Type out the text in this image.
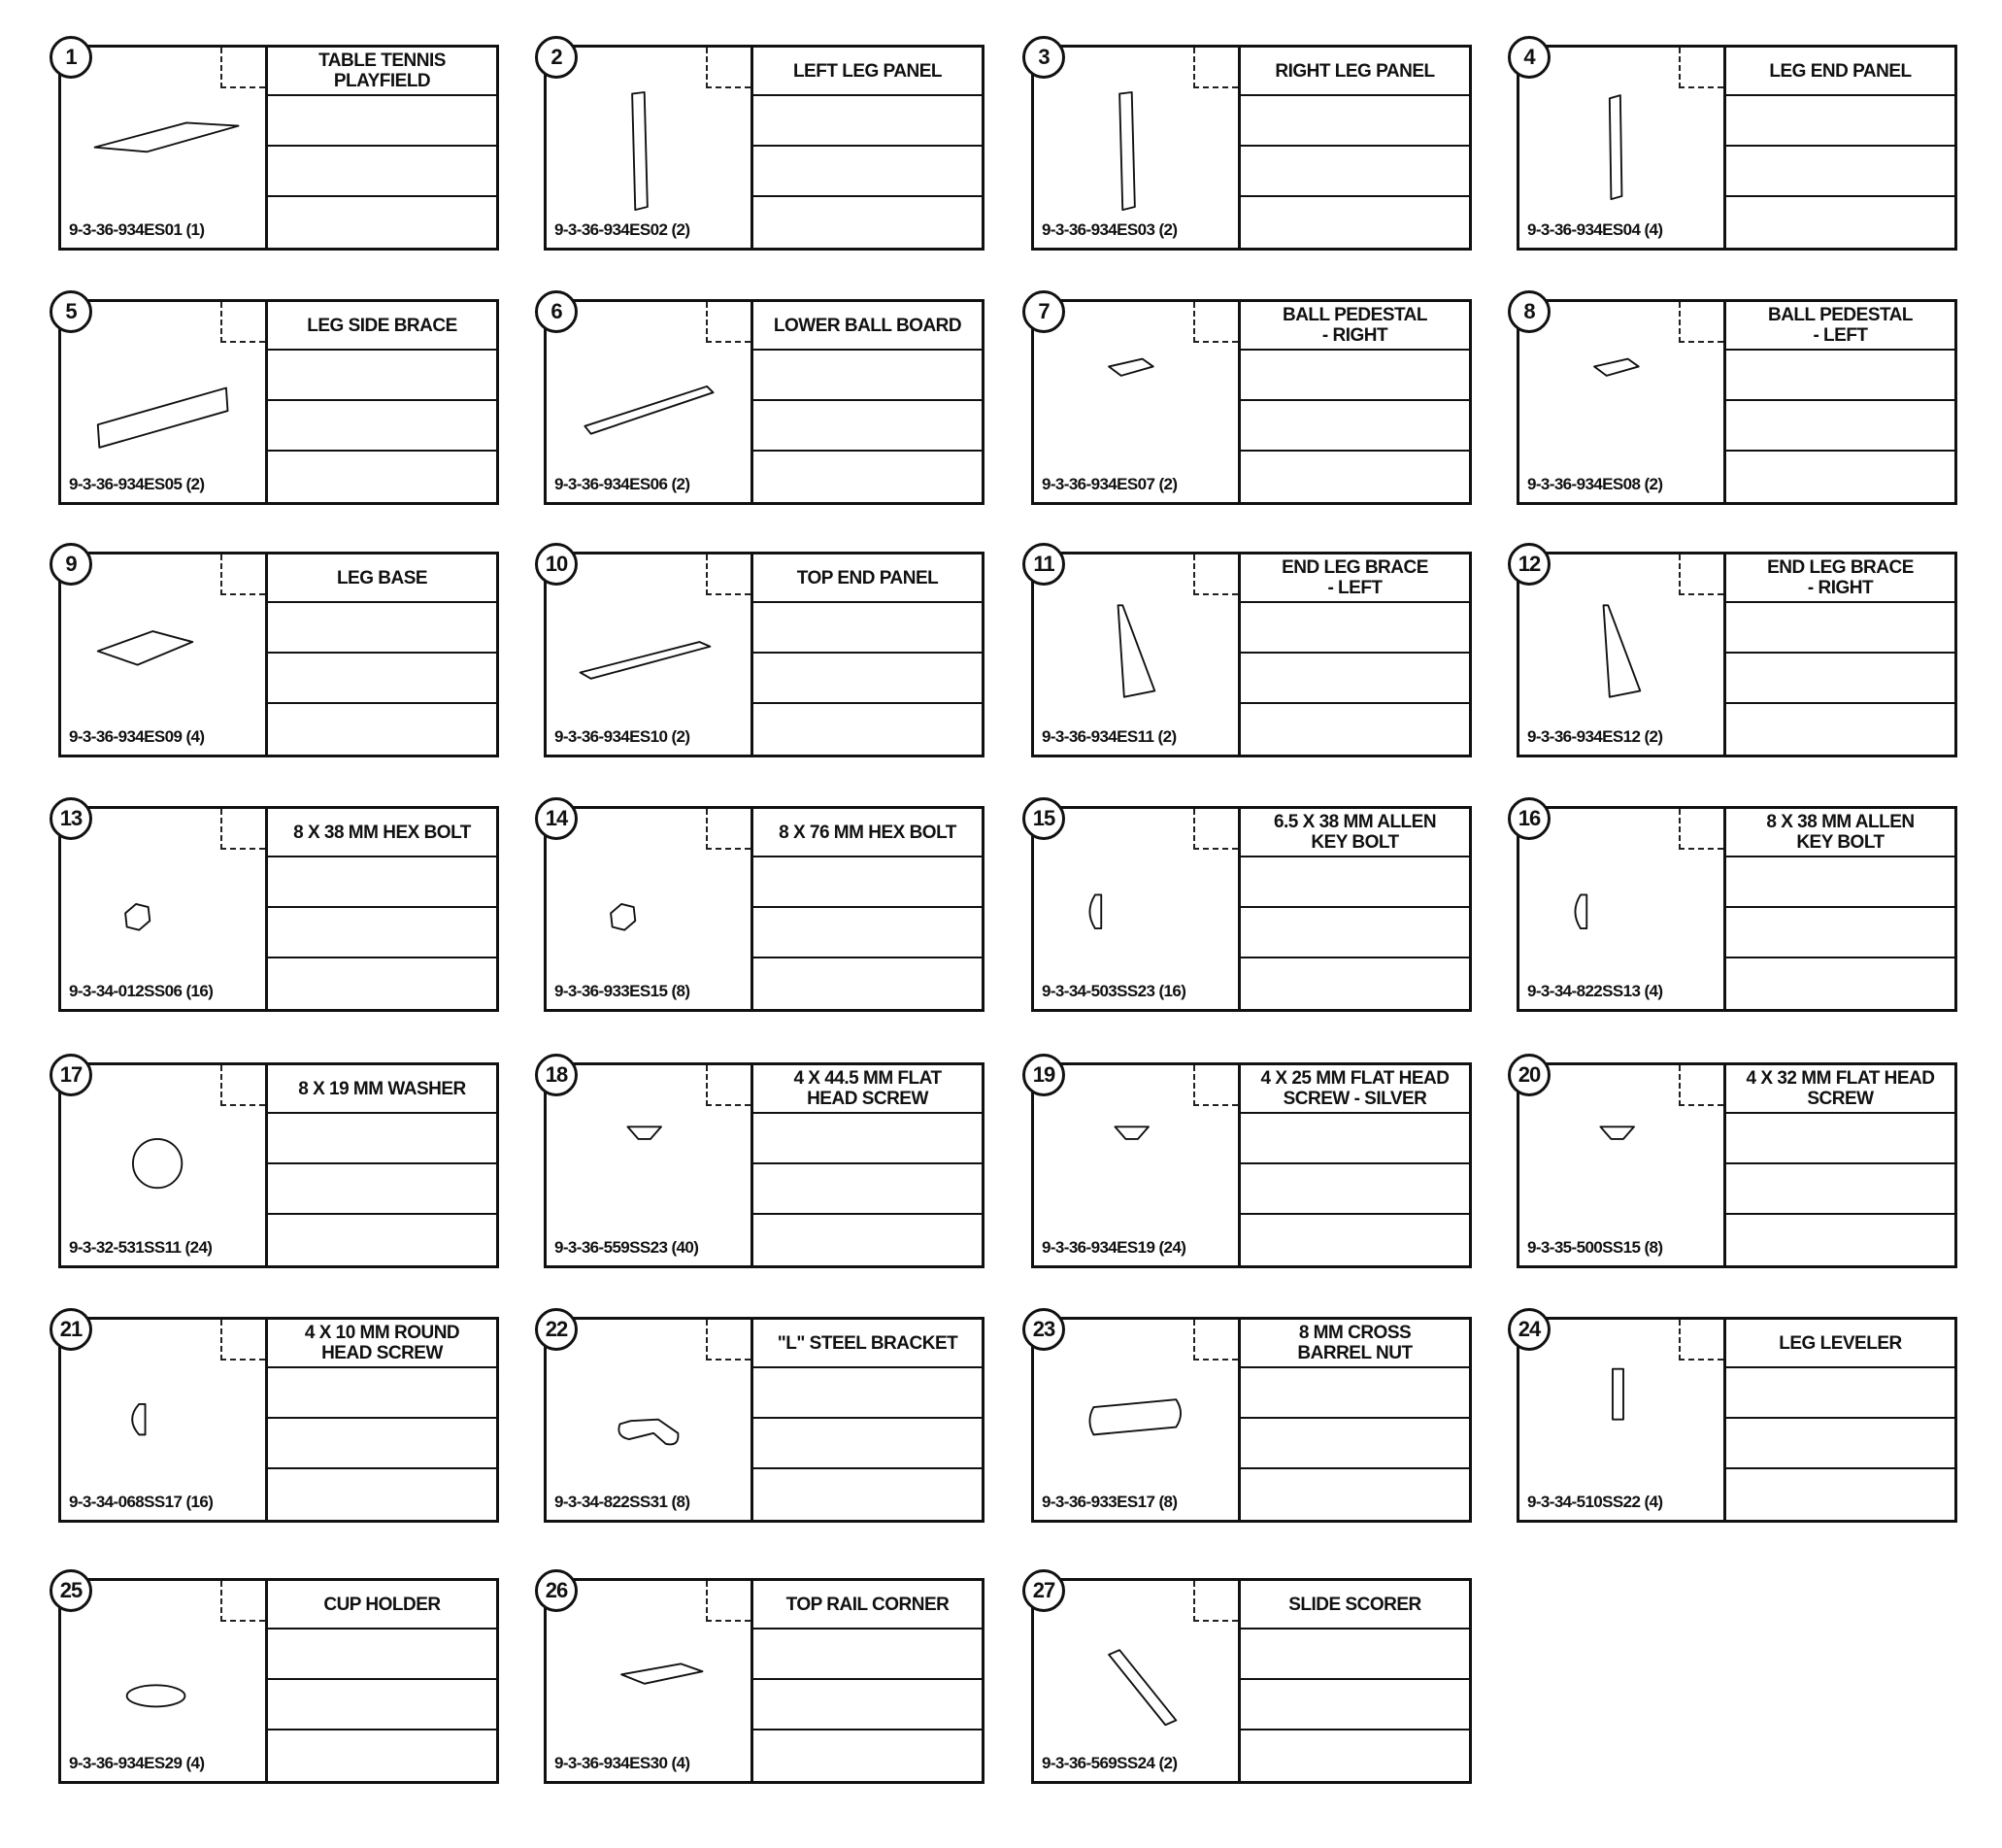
9-3-36-934ES01 (1)
1	TABLE TENNIS
PLAYFIELD
9-3-36-934ES02 (2)
2
LEFT LEG PANEL
9-3-36-934ES03 (2)
3
RIGHT LEG PANEL
9-3-36-934ES04 (4)
4
LEG END PANEL
9-3-36-934ES05 (2)
5
LEG SIDE BRACE
9-3-36-934ES06 (2)
6
LOWER BALL BOARD
9-3-36-934ES07 (2)
7	BALL PEDESTAL
- RIGHT
9-3-36-934ES08 (2)
8	BALL PEDESTAL
- LEFT
9-3-36-934ES09 (4)
9
LEG BASE
9-3-36-934ES10 (2)
10
TOP END PANEL
9-3-36-934ES11 (2)
11	END LEG BRACE
- LEFT
9-3-36-934ES12 (2)
12	END LEG BRACE
- RIGHT
9-3-34-012SS06 (16)
13
8 X 38 MM HEX BOLT
9-3-36-933ES15 (8)
14
8 X 76 MM HEX BOLT
9-3-34-503SS23 (16)
15	6.5 X 38 MM ALLEN
KEY BOLT
9-3-34-822SS13 (4)
16	8 X 38 MM ALLEN
KEY BOLT
9-3-32-531SS11 (24)
17
8 X 19 MM WASHER
9-3-36-559SS23 (40)
18	4 X 44.5 MM FLAT
HEAD SCREW
9-3-36-934ES19 (24)
19	4 X 25 MM FLAT HEAD
SCREW - SILVER
9-3-35-500SS15 (8)
20	4 X 32 MM FLAT HEAD
SCREW
9-3-34-068SS17 (16)
21	4 X 10 MM ROUND
HEAD SCREW
9-3-34-822SS31 (8)
22
"L" STEEL BRACKET
9-3-36-933ES17 (8)
23	8 MM CROSS
BARREL NUT
9-3-34-510SS22 (4)
24
LEG LEVELER
9-3-36-934ES29 (4)
25
CUP HOLDER
9-3-36-934ES30 (4)
26
TOP RAIL CORNER
9-3-36-569SS24 (2)
27
SLIDE SCORER
